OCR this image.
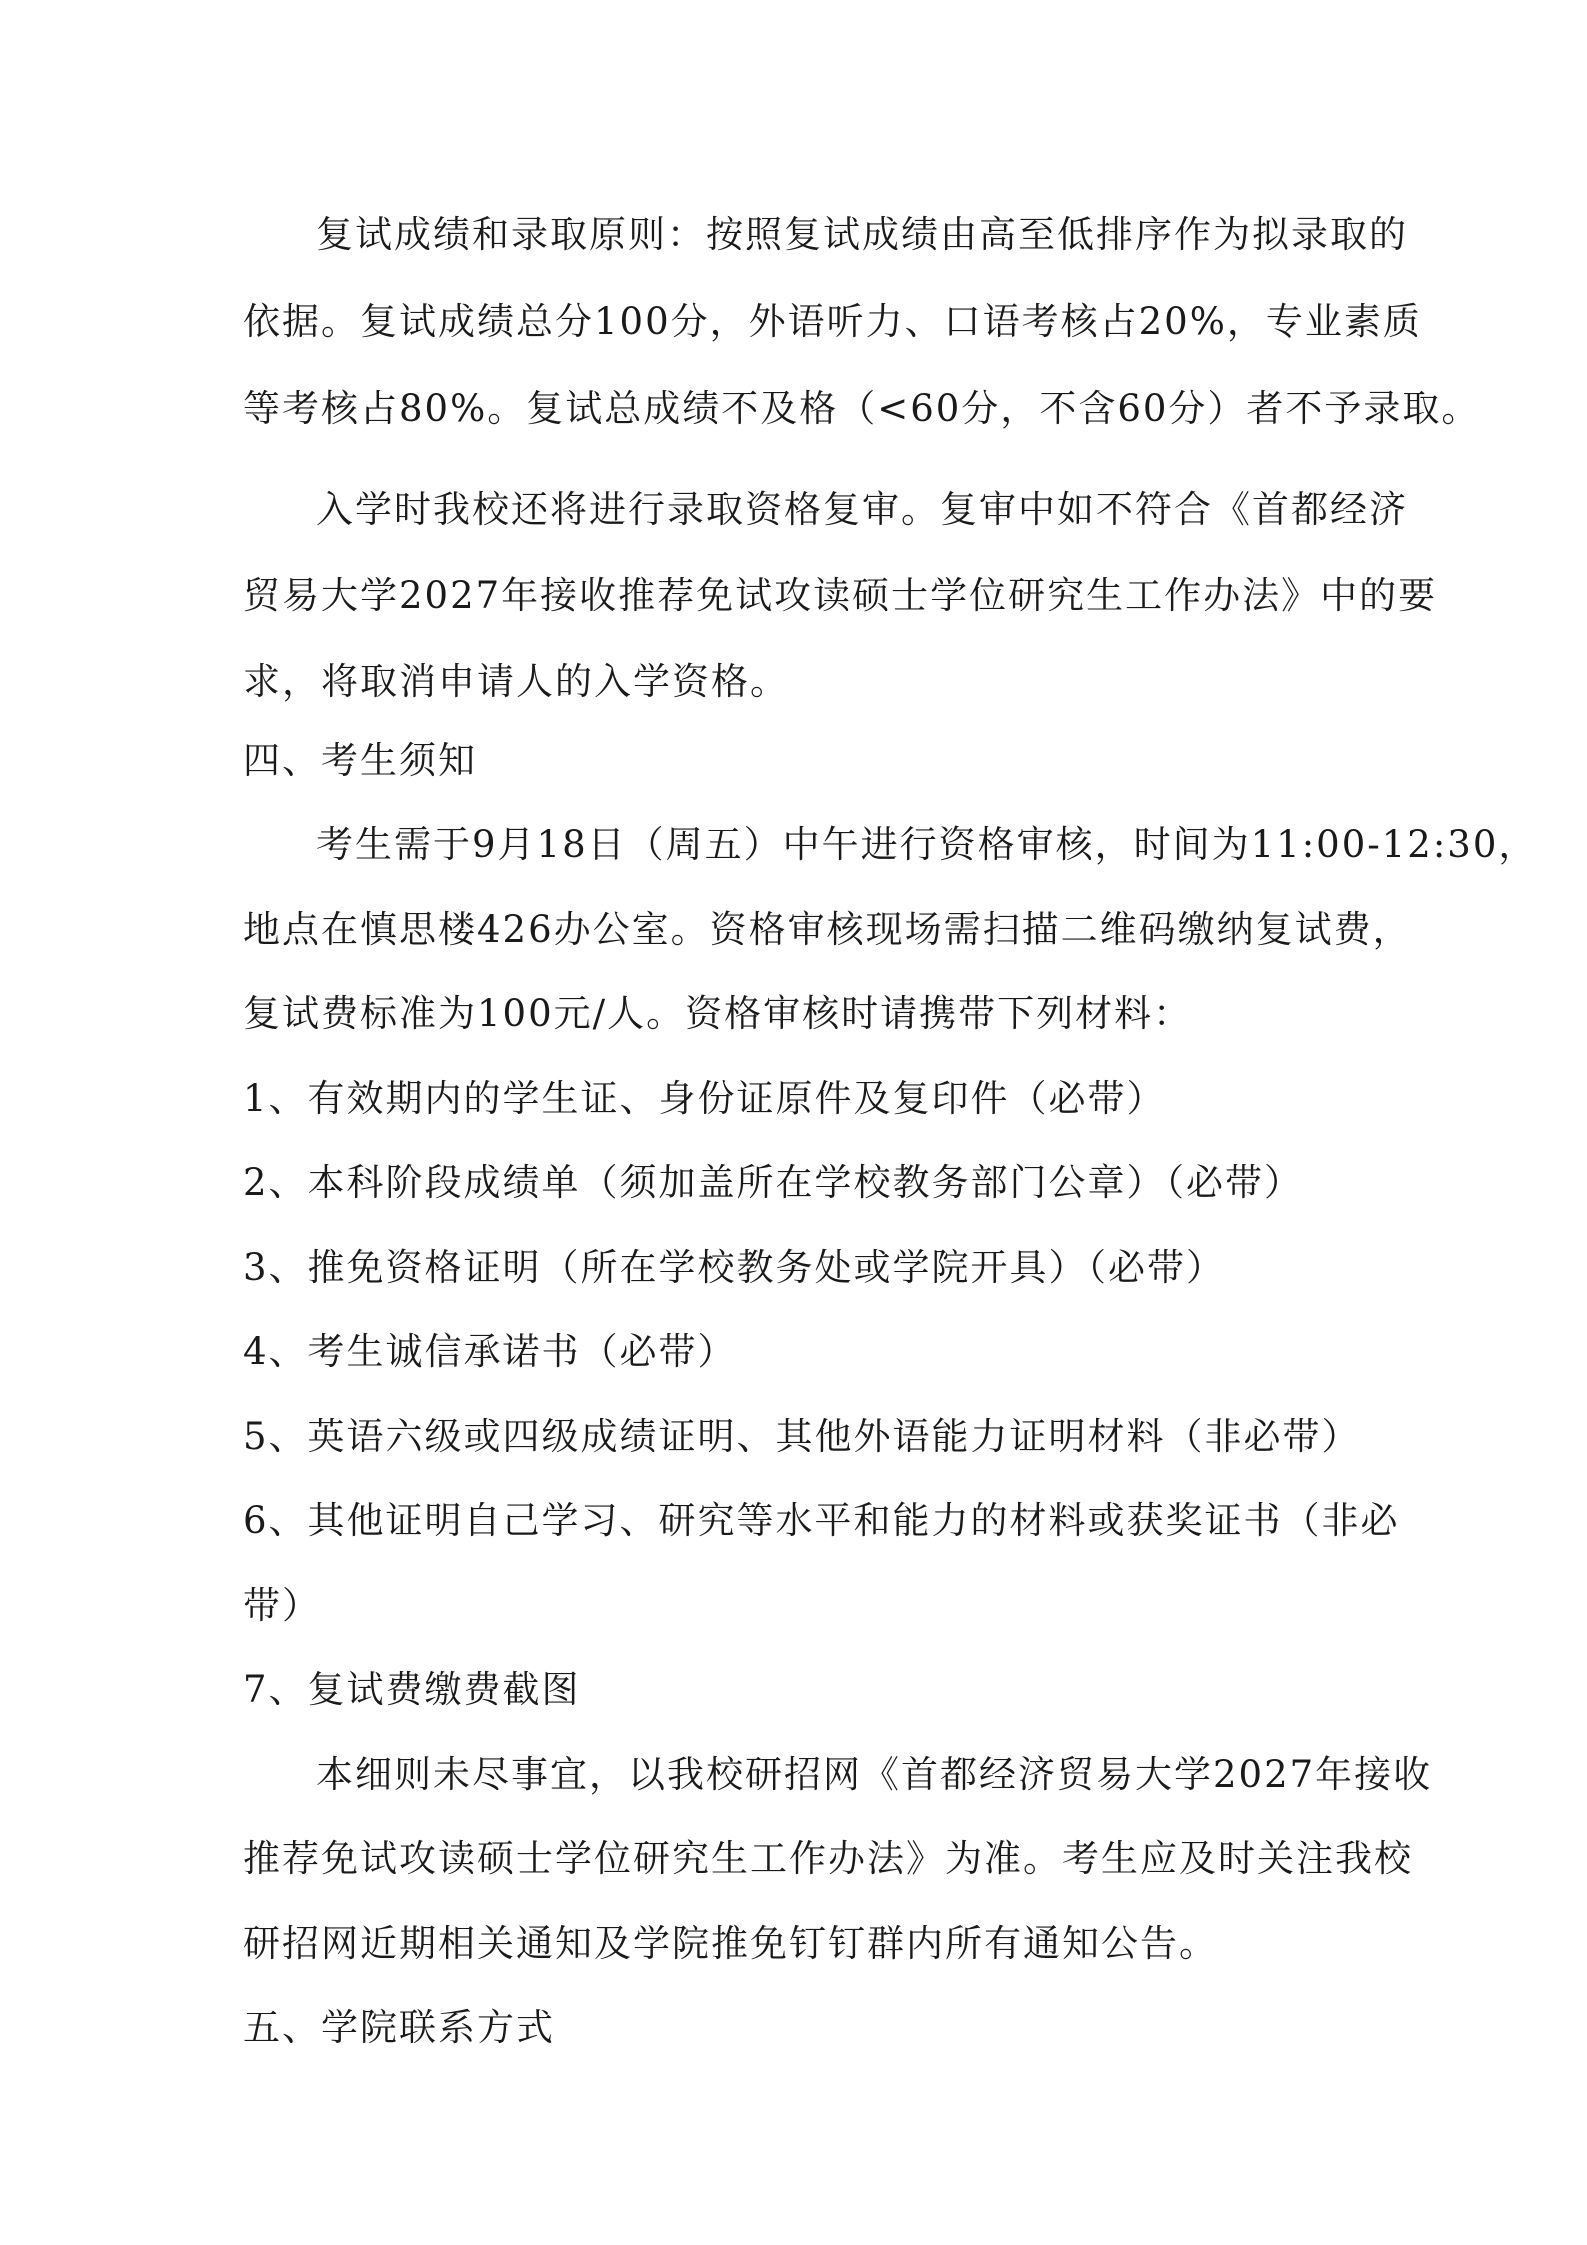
复试成绩和录取原则：按照复试成绩由高至低排序作为拟录取的
依据。复试成绩总分100分，外语听力、口语考核占20%，专业素质
等考核占80%。复试总成绩不及格（<60分，不含60分）者不予录取。
入学时我校还将进行录取资格复审。复审中如不符合《首都经济
贸易大学2027年接收推荐免试攻读硕士学位研究生工作办法》中的要
求，将取消申请人的入学资格。
四、考生须知
考生需于9月18日（周五）中午进行资格审核，时间为11:00-12:30，
地点在慎思楼426办公室。资格审核现场需扫描二维码缴纳复试费，
复试费标准为100元/人。资格审核时请携带下列材料：
1、有效期内的学生证、身份证原件及复印件（必带）
2、本科阶段成绩单（须加盖所在学校教务部门公章）（必带）
3、推免资格证明（所在学校教务处或学院开具）（必带）
4、考生诚信承诺书（必带）
5、英语六级或四级成绩证明、其他外语能力证明材料（非必带）
6、其他证明自己学习、研究等水平和能力的材料或获奖证书（非必
带）
7、复试费缴费截图
本细则未尽事宜，以我校研招网《首都经济贸易大学2027年接收
推荐免试攻读硕士学位研究生工作办法》为准。考生应及时关注我校
研招网近期相关通知及学院推免钉钉群内所有通知公告。
五、学院联系方式
